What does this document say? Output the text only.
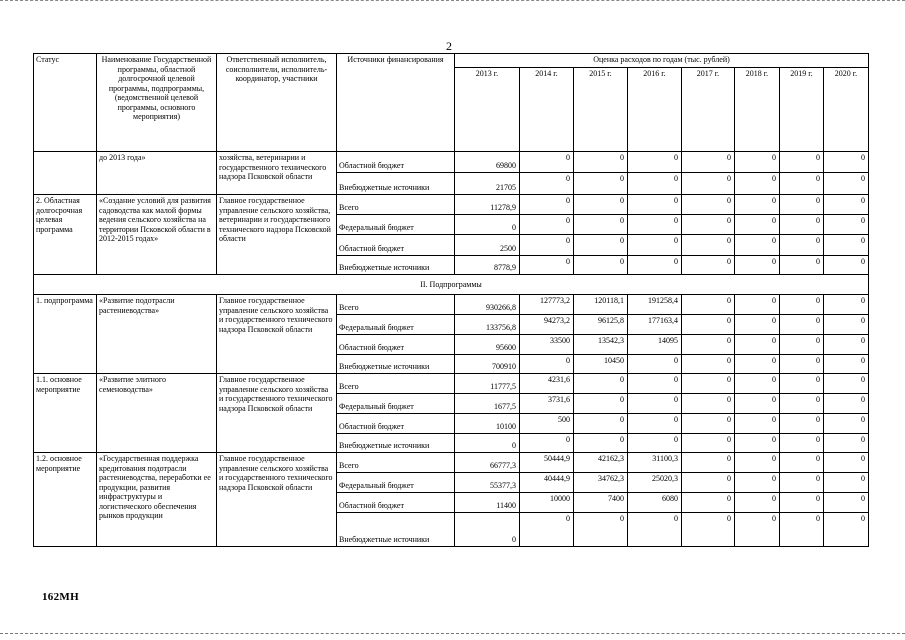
2
Статус	Наименование Государственной программы, областной долгосрочной целевой программы, подпрограммы, (ведомственной целевой программы, основного мероприятия)	Ответственный исполнитель, соисполнители, исполнитель-координатор, участники	Источники финансирования	Оценка расходов по годам (тыс. рублей)							
				2013 г.	2014 г.	2015 г.	2016 г.	2017 г.	2018 г.	2019 г.	2020 г.
	до 2013 года»	хозяйства, ветеринарии и государственного технического надзора Псковской области	Областной бюджет	69800	0	0	0	0	0	0	0
			Внебюджетные источники	21705	0	0	0	0	0	0	0
2. Областная долгосрочная целевая программа	«Создание условий для развития садоводства как малой формы ведения сельского хозяйства на территории Псковской области в 2012-2015 годах»	Главное государственное управление сельского хозяйства, ветеринарии и государственного технического надзора Псковской области	Всего	11278,9	0	0	0	0	0	0	0
			Федеральный бюджет	0	0	0	0	0	0	0	0
			Областной бюджет	2500	0	0	0	0	0	0	0
			Внебюджетные источники	8778,9	0	0	0	0	0	0	0
II. Подпрограммы											
1. подпрограмма	«Развитие подотрасли растениеводства»	Главное государственное управление сельского хозяйства и государственного технического надзора Псковской области	Всего	930266,8	127773,2	120118,1	191258,4	0	0	0	0
			Федеральный бюджет	133756,8	94273,2	96125,8	177163,4	0	0	0	0
			Областной бюджет	95600	33500	13542,3	14095	0	0	0	0
			Внебюджетные источники	700910	0	10450	0	0	0	0	0
1.1. основное мероприятие	«Развитие элитного семеноводства»	Главное государственное управление сельского хозяйства и государственного технического надзора Псковской области	Всего	11777,5	4231,6	0	0	0	0	0	0
			Федеральный бюджет	1677,5	3731,6	0	0	0	0	0	0
			Областной бюджет	10100	500	0	0	0	0	0	0
			Внебюджетные источники	0	0	0	0	0	0	0	0
1.2. основное мероприятие	«Государственная поддержка кредитования подотрасли растениеводства, переработки ее продукции, развития инфраструктуры и логистического обеспечения рынков продукции	Главное государственное управление сельского хозяйства и государственного технического надзора Псковской области	Всего	66777,3	50444,9	42162,3	31100,3	0	0	0	0
			Федеральный бюджет	55377,3	40444,9	34762,3	25020,3	0	0	0	0
			Областной бюджет	11400	10000	7400	6080	0	0	0	0
			Внебюджетные источники	0	0	0	0	0	0	0	0
162МН
